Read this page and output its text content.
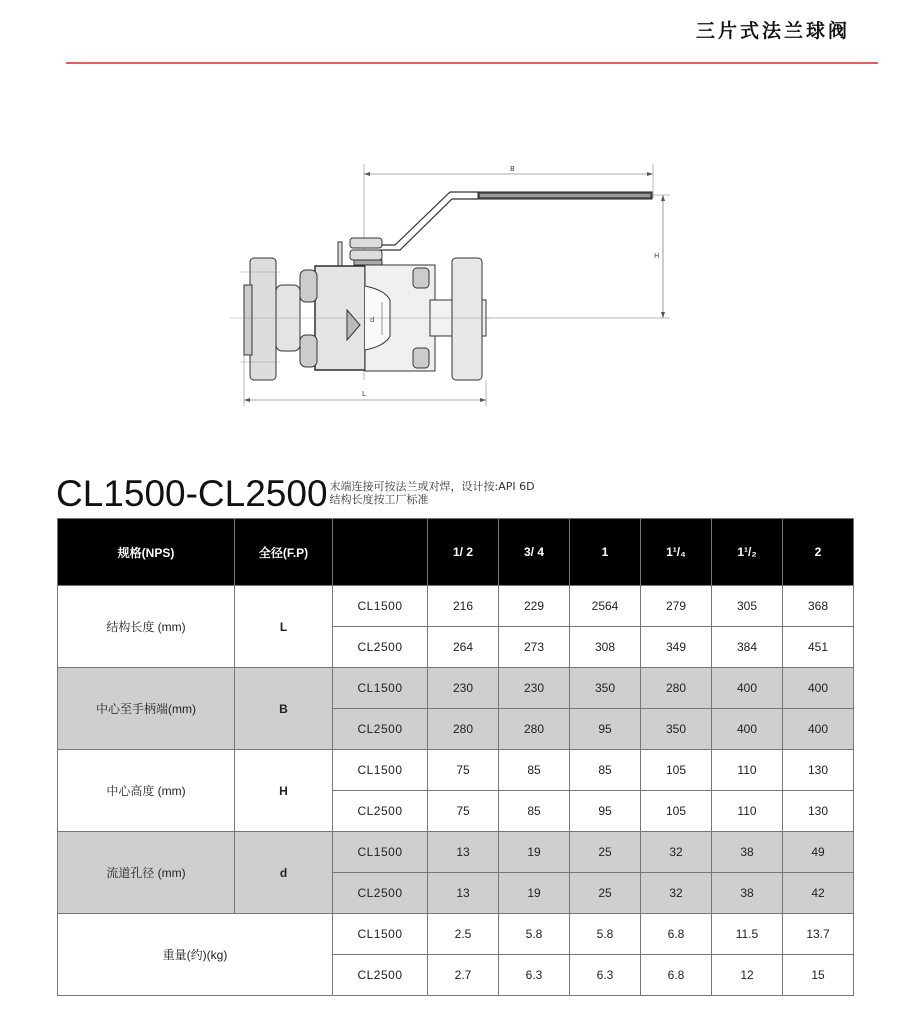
三片式法兰球阀
B
H
d
L
CL1500-CL2500 末端连接可按法兰或对焊，设计按:API 6D
结构长度按工厂标准
规格(NPS)	全径(F.P)		1/ 2	3/ 4	1	1¹/₄	1¹/₂	2
结构长度 (mm)	L	CL1500	216	229	2564	279	305	368
		CL2500	264	273	308	349	384	451
中心至手柄端(mm)	B	CL1500	230	230	350	280	400	400
		CL2500	280	280	95	350	400	400
中心高度 (mm)	H	CL1500	75	85	85	105	110	130
		CL2500	75	85	95	105	110	130
流道孔径 (mm)	d	CL1500	13	19	25	32	38	49
		CL2500	13	19	25	32	38	42
重量(约)(kg)		CL1500	2.5	5.8	5.8	6.8	11.5	13.7
		CL2500	2.7	6.3	6.3	6.8	12	15
